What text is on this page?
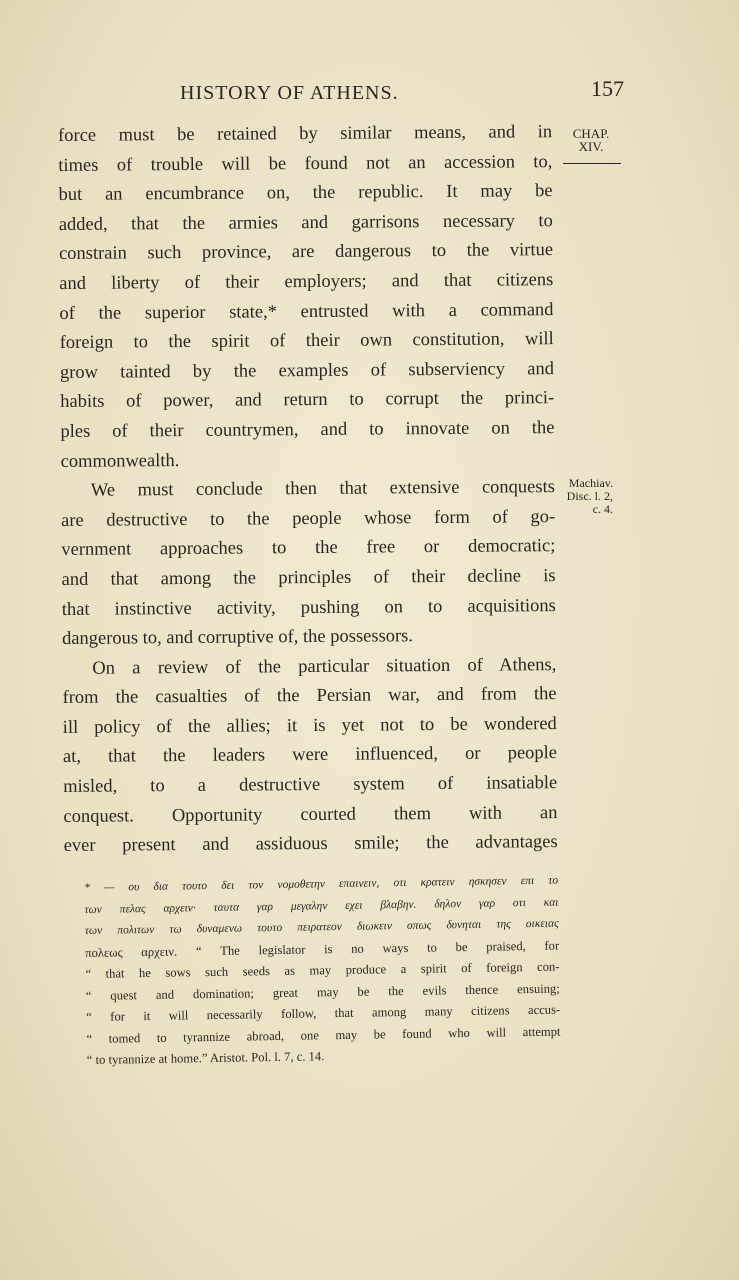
HISTORY OF ATHENS.	157
CHAP.
XIV.
Machiav.
Disc. l. 2,
c. 4.
force must be retained by similar means, and in
times of trouble will be found not an accession to,
but an encumbrance on, the republic. It may be
added, that the armies and garrisons necessary to
constrain such province, are dangerous to the virtue
and liberty of their employers; and that citizens
of the superior state,* entrusted with a command
foreign to the spirit of their own constitution, will
grow tainted by the examples of subserviency and
habits of power, and return to corrupt the princi-
ples of their countrymen, and to innovate on the
commonwealth.
We must conclude then that extensive conquests
are destructive to the people whose form of go-
vernment approaches to the free or democratic;
and that among the principles of their decline is
that instinctive activity, pushing on to acquisitions
dangerous to, and corruptive of, the possessors.
On a review of the particular situation of Athens,
from the casualties of the Persian war, and from the
ill policy of the allies; it is yet not to be wondered
at, that the leaders were influenced, or people
misled, to a destructive system of insatiable
conquest. Opportunity courted them with an
ever present and assiduous smile; the advantages
* — ου δια τουτο δει τον νομοθετην επαινειν, οτι κρατειν ησκησεν επι το
των πελας αρχειν· ταυτα γαρ μεγαλην εχει βλαβην. δηλον γαρ οτι και
των πολιτων τω δυναμενω τουτο πειρατεον διωκειν οπως δυνηται της οικειας
πολεως αρχειν. “ The legislator is no ways to be praised, for
“ that he sows such seeds as may produce a spirit of foreign con-
“ quest and domination; great may be the evils thence ensuing;
“ for it will necessarily follow, that among many citizens accus-
“ tomed to tyrannize abroad, one may be found who will attempt
“ to tyrannize at home.” Aristot. Pol. l. 7, c. 14.
